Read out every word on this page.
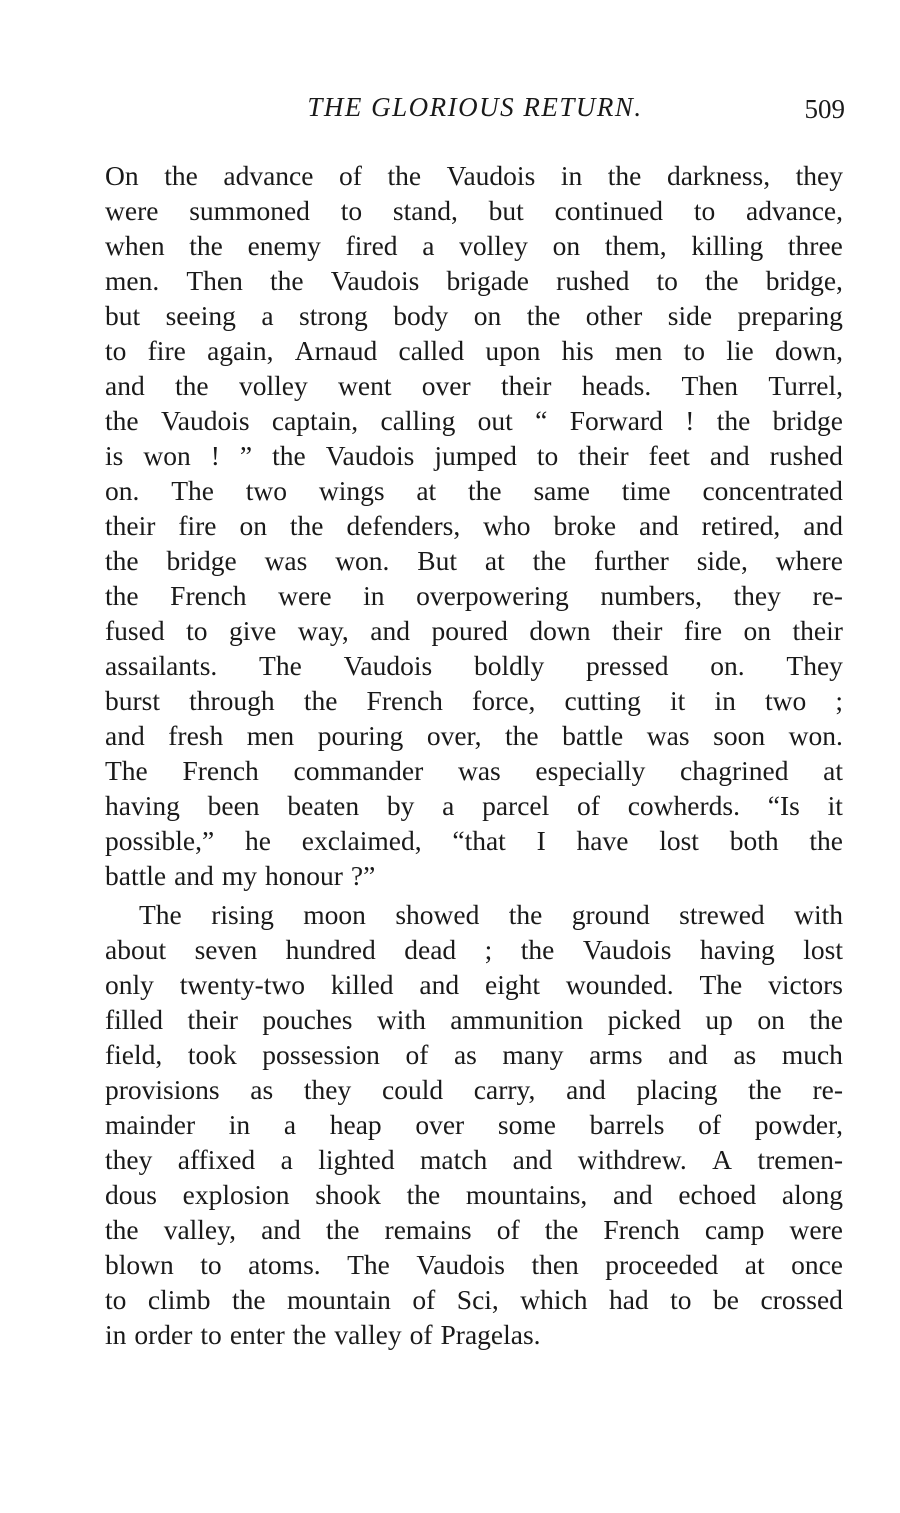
THE GLORIOUS RETURN.	509
On the advance of the Vaudois in the darkness, they
were summoned to stand, but continued to advance,
when the enemy fired a volley on them, killing three
men. Then the Vaudois brigade rushed to the bridge,
but seeing a strong body on the other side preparing
to fire again, Arnaud called upon his men to lie down,
and the volley went over their heads. Then Turrel,
the Vaudois captain, calling out “ Forward ! the bridge
is won ! ” the Vaudois jumped to their feet and rushed
on. The two wings at the same time concentrated
their fire on the defenders, who broke and retired, and
the bridge was won. But at the further side, where
the French were in overpowering numbers, they re-
fused to give way, and poured down their fire on their
assailants. The Vaudois boldly pressed on. They
burst through the French force, cutting it in two ;
and fresh men pouring over, the battle was soon won.
The French commander was especially chagrined at
having been beaten by a parcel of cowherds. “Is it
possible,” he exclaimed, “that I have lost both the
battle and my honour ?”
The rising moon showed the ground strewed with
about seven hundred dead ; the Vaudois having lost
only twenty-two killed and eight wounded. The victors
filled their pouches with ammunition picked up on the
field, took possession of as many arms and as much
provisions as they could carry, and placing the re-
mainder in a heap over some barrels of powder,
they affixed a lighted match and withdrew. A tremen-
dous explosion shook the mountains, and echoed along
the valley, and the remains of the French camp were
blown to atoms. The Vaudois then proceeded at once
to climb the mountain of Sci, which had to be crossed
in order to enter the valley of Pragelas.
